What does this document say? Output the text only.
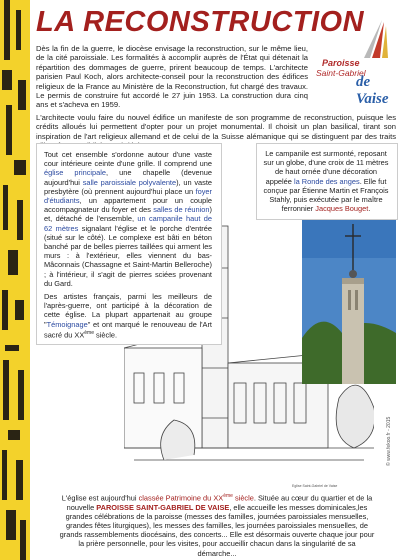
LA RECONSTRUCTION
Paroisse
Saint-Gabriel
de Vaise
Dès la fin de la guerre, le diocèse envisage la reconstruction, sur le même lieu, de la cité paroissiale. Les formalités à accomplir auprès de l'État qui détenait la répartition des dommages de guerre, prirent beaucoup de temps. L'architecte parisien Paul Koch, alors architecte-conseil pour la reconstruction des édifices religieux de la France au Ministère de la Reconstruction, fut chargé des travaux. Le permis de construire fut accordé le 27 juin 1953. La construction dura cinq ans et s'acheva en 1959.
L'architecte voulu faire du nouvel édifice un manifeste de son programme de reconstruction, puisque les crédits alloués lui permettent d'opter pour un projet monumental. Il choisit un plan basilical, tirant son inspiration de l'art religieux allemand et de celui de la Suisse alémanique qui se distinguent par des traits
Tout cet ensemble s'ordonne autour d'une vaste cour intérieure ceinte d'une grille. Il comprend une église principale, une chapelle (devenue aujourd'hui salle paroissiale polyvalente), un vaste presbytère (où prennent aujourd'hui place un foyer d'étudiants, un appartement pour un couple accompagnateur du foyer et des salles de réunion) et, détaché de l'ensemble, un campanile haut de 62 mètres signalant l'église et le porche d'entrée (situé sur le côté). Le complexe est bâti en béton banché par de belles pierres taillées qui arment les murs : à l'extérieur, elles viennent du bas-Mâconnais (Chassagne et Saint-Martin Belleroche) ; à l'intérieur, il s'agit de pierres sciées provenant du Gard.
Des artistes français, parmi les meilleurs de l'après-guerre, ont participé à la décoration de cette église. La plupart appartenait au groupe "Témoignage" et ont marqué le renouveau de l'Art sacré du XXème siècle.
Le campanile est surmonté, reposant sur un globe, d'une croix de 11 mètres de haut ornée d'une décoration appelée la Ronde des anges. Elle fut conçue par Étienne Martin et François Stahly, puis exécutée par le maître ferronnier Jacques Bouget.
Eglise Saint-Gabriel de Vaise
L'église est aujourd'hui classée Patrimoine du XXème siècle. Située au cœur du quartier et de la nouvelle PAROISSE SAINT-GABRIEL DE VAISE, elle accueille les messes dominicales,les grandes célébrations de la paroisse (messes des familles, journées paroissiales mensuelles, grandes fêtes liturgiques), les messes des familles, les journées paroissiales mensuelles, de grands rassemblements diocésains, des concerts... Elle est désormais ouverte chaque jour pour la prière personnelle, pour les visites, pour accueillir chacun dans la singularité de sa démarche...
© www.fekoo.fr - 2015
